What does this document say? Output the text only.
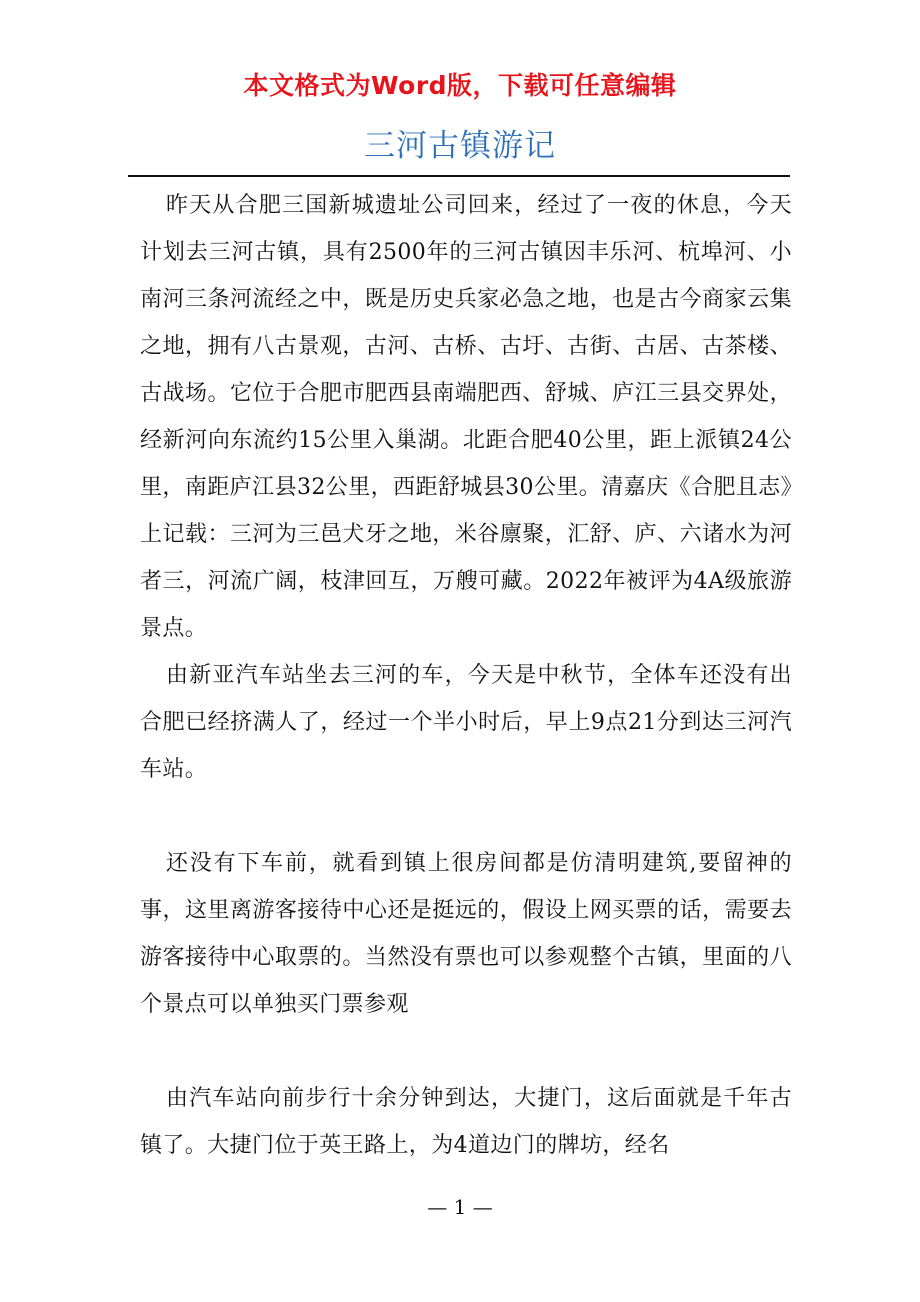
本文格式为Word版，下载可任意编辑
三河古镇游记

昨天从合肥三国新城遗址公司回来，经过了一夜的休息，今天计划去三河古镇，具有2500年的三河古镇因丰乐河、杭埠河、小南河三条河流经之中，既是历史兵家必急之地，也是古今商家云集之地，拥有八古景观，古河、古桥、古圩、古街、古居、古茶楼、古战场。它位于合肥市肥西县南端肥西、舒城、庐江三县交界处，经新河向东流约15公里入巢湖。北距合肥40公里，距上派镇24公里，南距庐江县32公里，西距舒城县30公里。清嘉庆《合肥且志》上记载：三河为三邑犬牙之地，米谷廪聚，汇舒、庐、六诸水为河者三，河流广阔，枝津回互，万艘可藏。2022年被评为4A级旅游景点。

由新亚汽车站坐去三河的车，今天是中秋节，全体车还没有出合肥已经挤满人了，经过一个半小时后，早上9点21分到达三河汽车站。

还没有下车前，就看到镇上很房间都是仿清明建筑,要留神的事，这里离游客接待中心还是挺远的，假设上网买票的话，需要去游客接待中心取票的。当然没有票也可以参观整个古镇，里面的八个景点可以单独买门票参观

由汽车站向前步行十余分钟到达，大捷门，这后面就是千年古镇了。大捷门位于英王路上，为4道边门的牌坊，经名

— 1 —
